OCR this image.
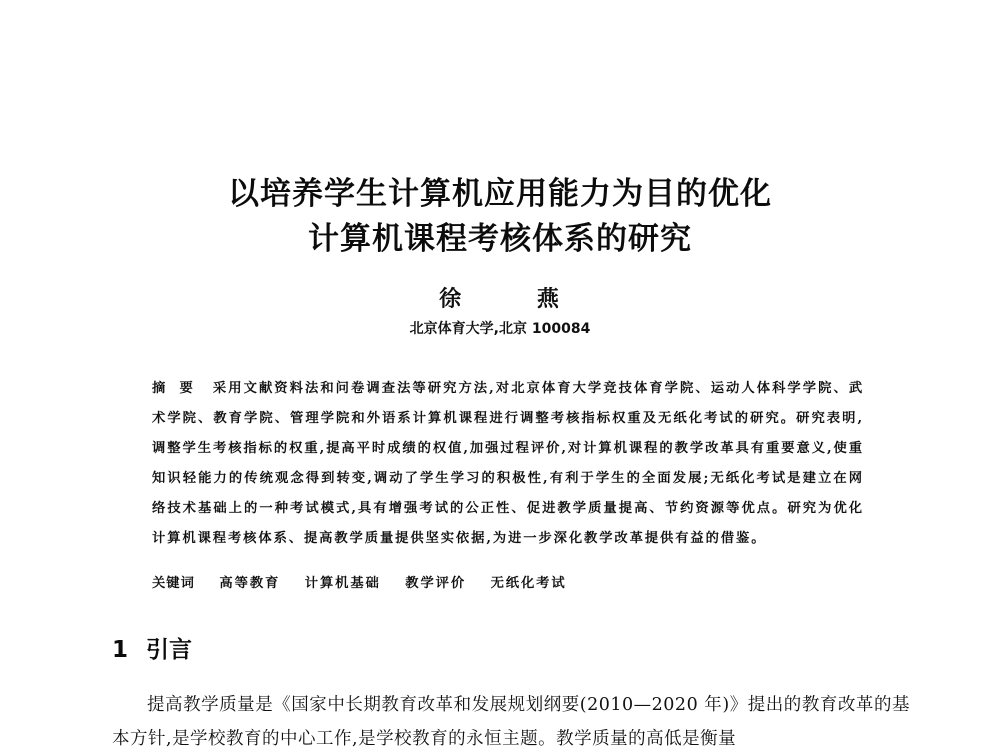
以培养学生计算机应用能力为目的优化
计算机课程考核体系的研究
徐 燕
北京体育大学,北京 100084

摘要 采用文献资料法和问卷调查法等研究方法,对北京体育大学竞技体育学院、运动人体科学学院、武术学院、教育学院、管理学院和外语系计算机课程进行调整考核指标权重及无纸化考试的研究。研究表明,调整学生考核指标的权重,提高平时成绩的权值,加强过程评价,对计算机课程的教学改革具有重要意义,使重知识轻能力的传统观念得到转变,调动了学生学习的积极性,有利于学生的全面发展;无纸化考试是建立在网络技术基础上的一种考试模式,具有增强考试的公正性、促进教学质量提高、节约资源等优点。研究为优化计算机课程考核体系、提高教学质量提供坚实依据,为进一步深化教学改革提供有益的借鉴。

关键词 高等教育 计算机基础 教学评价 无纸化考试
1 引言

提高教学质量是《国家中长期教育改革和发展规划纲要(2010—2020 年)》提出的教育改革的基本方针,是学校教育的中心工作,是学校教育的永恒主题。教学质量的高低是衡量
